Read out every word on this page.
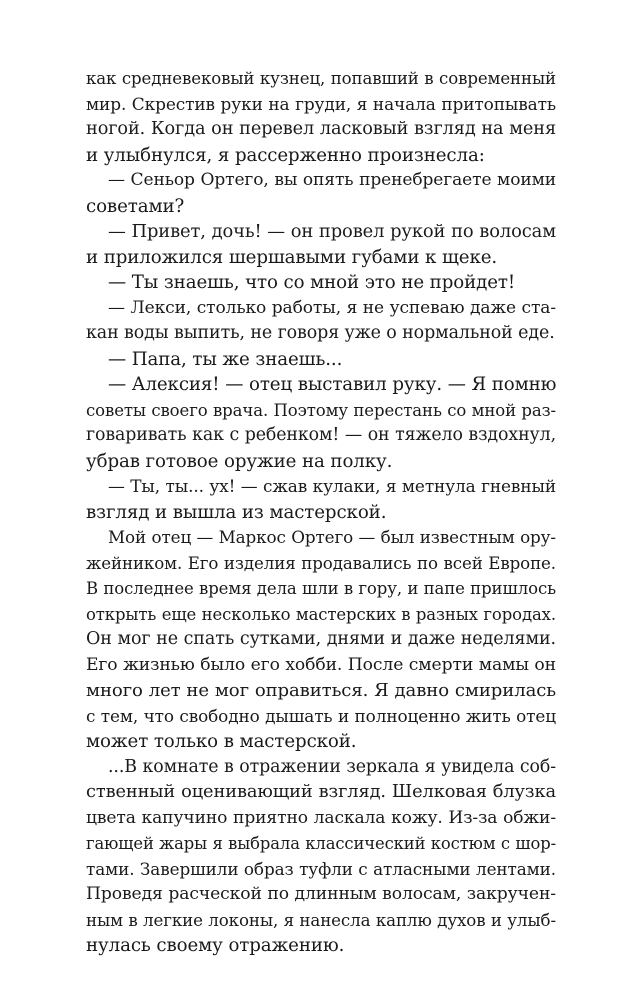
как средневековый кузнец, попавший в современный
мир. Скрестив руки на груди, я начала притопывать
ногой. Когда он перевел ласковый взгляд на меня
и улыбнулся, я рассерженно произнесла:
— Сеньор Ортего, вы опять пренебрегаете моими
советами?
— Привет, дочь! — он провел рукой по волосам
и приложился шершавыми губами к щеке.
— Ты знаешь, что со мной это не пройдет!
— Лекси, столько работы, я не успеваю даже ста-
кан воды выпить, не говоря уже о нормальной еде.
— Папа, ты же знаешь...
— Алексия! — отец выставил руку. — Я помню
советы своего врача. Поэтому перестань со мной раз-
говаривать как с ребенком! — он тяжело вздохнул,
убрав готовое оружие на полку.
— Ты, ты... ух! — сжав кулаки, я метнула гневный
взгляд и вышла из мастерской.
Мой отец — Маркос Ортего — был известным ору-
жейником. Его изделия продавались по всей Европе.
В последнее время дела шли в гору, и папе пришлось
открыть еще несколько мастерских в разных городах.
Он мог не спать сутками, днями и даже неделями.
Его жизнью было его хобби. После смерти мамы он
много лет не мог оправиться. Я давно смирилась
с тем, что свободно дышать и полноценно жить отец
может только в мастерской.
...В комнате в отражении зеркала я увидела соб-
ственный оценивающий взгляд. Шелковая блузка
цвета капучино приятно ласкала кожу. Из-за обжи-
гающей жары я выбрала классический костюм с шор-
тами. Завершили образ туфли с атласными лентами.
Проведя расческой по длинным волосам, закручен-
ным в легкие локоны, я нанесла каплю духов и улыб-
нулась своему отражению.
